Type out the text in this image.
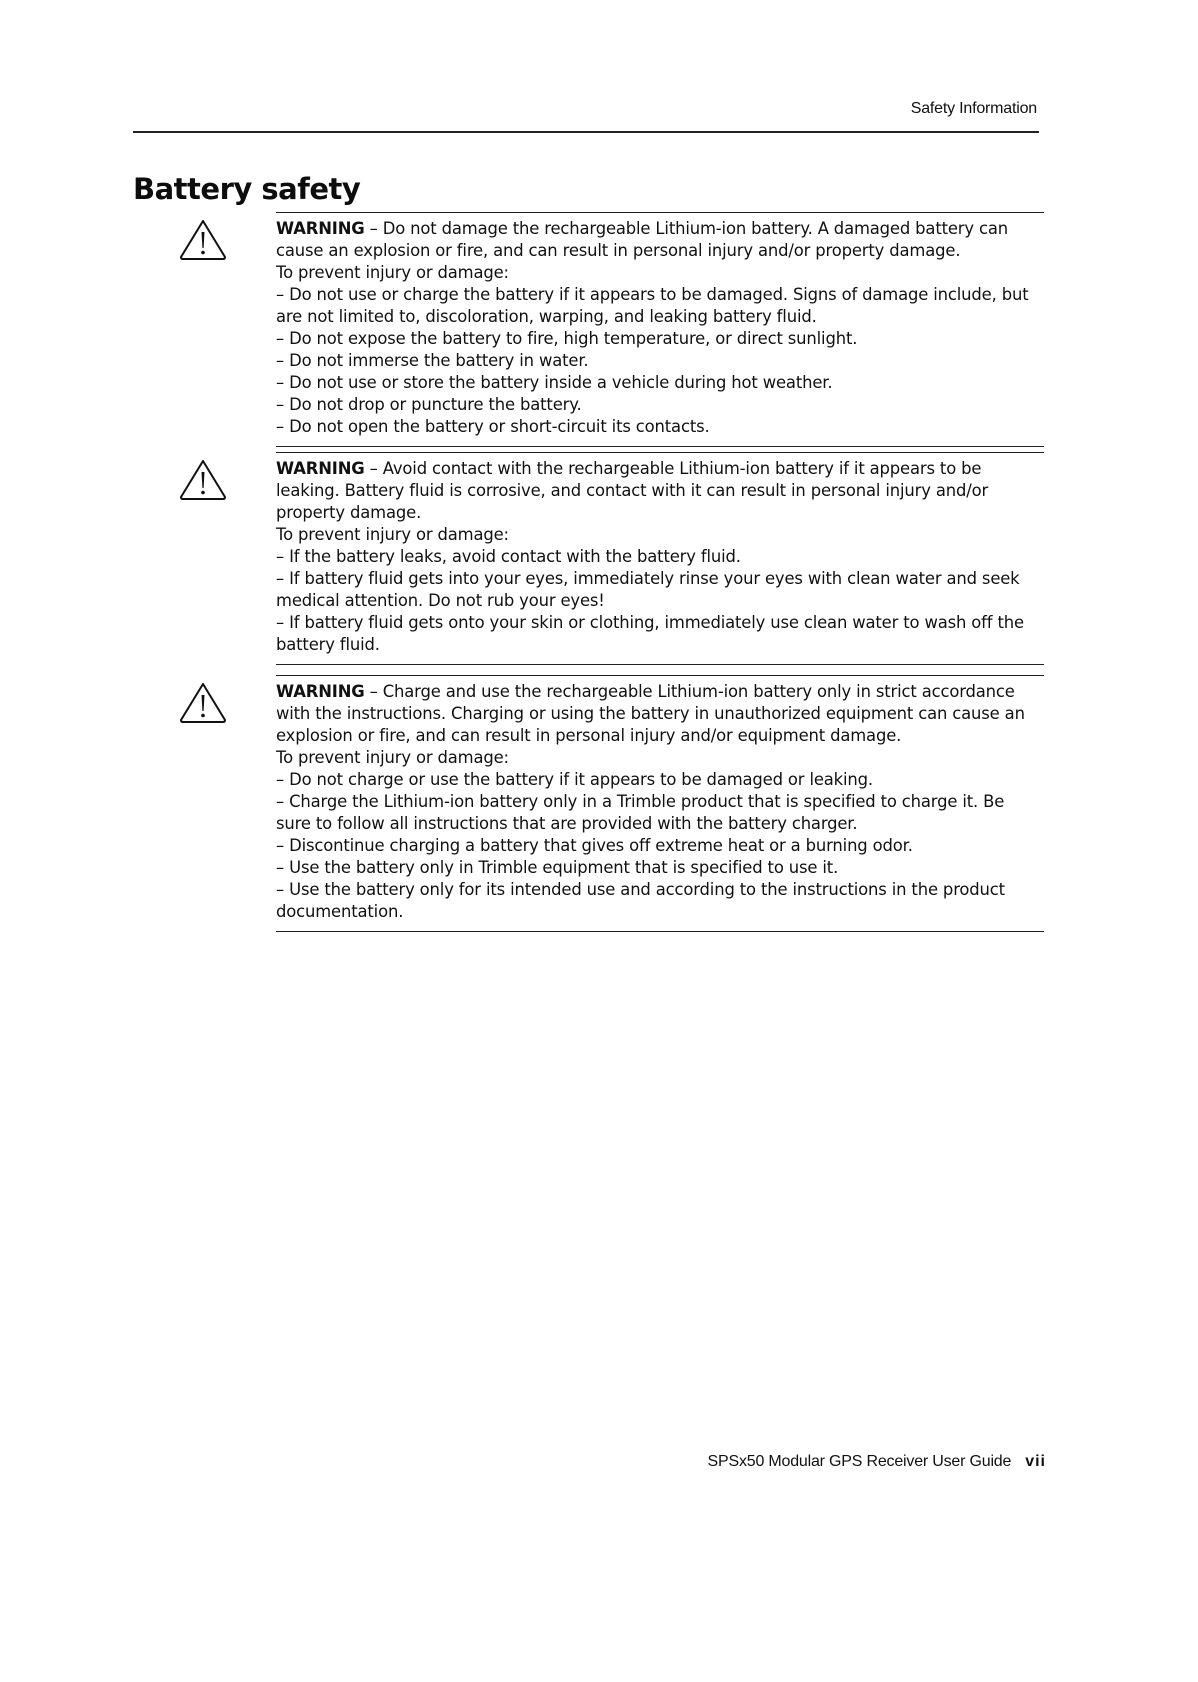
Safety Information
Battery safety

WARNING – Do not damage the rechargeable Lithium-ion battery. A damaged battery can cause an explosion or fire, and can result in personal injury and/or property damage.

To prevent injury or damage:

– Do not use or charge the battery if it appears to be damaged. Signs of damage include, but are not limited to, discoloration, warping, and leaking battery fluid.

– Do not expose the battery to fire, high temperature, or direct sunlight.

– Do not immerse the battery in water.

– Do not use or store the battery inside a vehicle during hot weather.

– Do not drop or puncture the battery.

– Do not open the battery or short-circuit its contacts.

WARNING – Avoid contact with the rechargeable Lithium-ion battery if it appears to be leaking. Battery fluid is corrosive, and contact with it can result in personal injury and/or property damage.

To prevent injury or damage:

– If the battery leaks, avoid contact with the battery fluid.

– If battery fluid gets into your eyes, immediately rinse your eyes with clean water and seek medical attention. Do not rub your eyes!

– If battery fluid gets onto your skin or clothing, immediately use clean water to wash off the battery fluid.

WARNING – Charge and use the rechargeable Lithium-ion battery only in strict accordance with the instructions. Charging or using the battery in unauthorized equipment can cause an explosion or fire, and can result in personal injury and/or equipment damage.

To prevent injury or damage:

– Do not charge or use the battery if it appears to be damaged or leaking.

– Charge the Lithium-ion battery only in a Trimble product that is specified to charge it. Be sure to follow all instructions that are provided with the battery charger.

– Discontinue charging a battery that gives off extreme heat or a burning odor.

– Use the battery only in Trimble equipment that is specified to use it.

– Use the battery only for its intended use and according to the instructions in the product documentation.

SPSx50 Modular GPS Receiver User Guide vii
